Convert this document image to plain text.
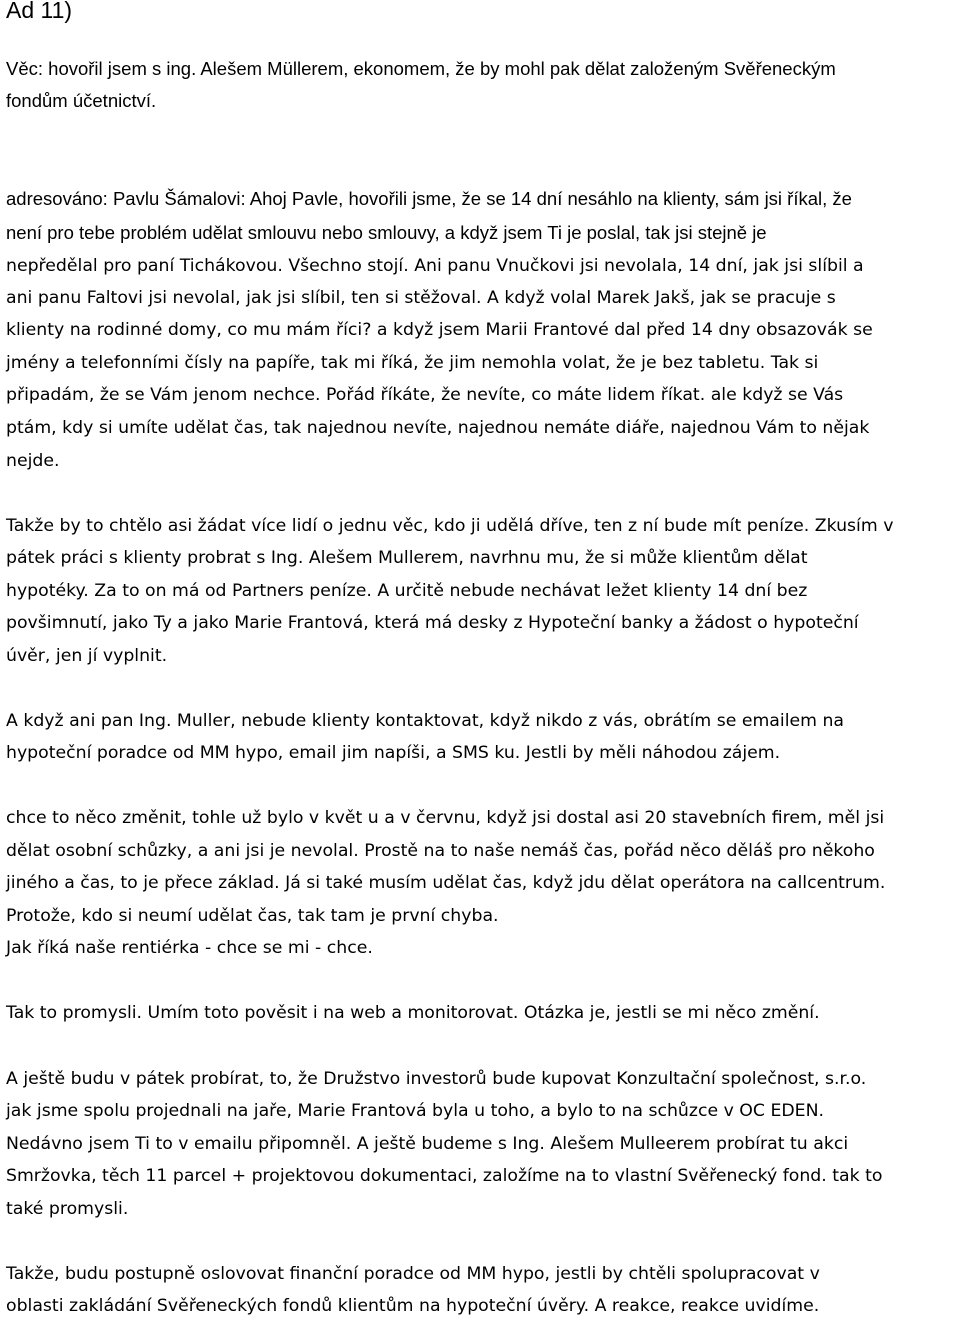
Ad 11)
Věc: hovořil jsem s ing. Alešem Müllerem, ekonomem, že by mohl pak dělat založeným Svěřeneckým
fondům účetnictví.
adresováno: Pavlu Šámalovi: Ahoj Pavle, hovořili jsme, že se 14 dní nesáhlo na klienty, sám jsi říkal, že
není pro tebe problém udělat smlouvu nebo smlouvy, a když jsem Ti je poslal, tak jsi stejně je
nepředělal pro paní Tichákovou. Všechno stojí. Ani panu Vnučkovi jsi nevolala, 14 dní, jak jsi slíbil a
ani panu Faltovi jsi nevolal, jak jsi slíbil, ten si stěžoval. A když volal Marek Jakš, jak se pracuje s
klienty na rodinné domy, co mu mám říci? a když jsem Marii Frantové dal před 14 dny obsazovák se
jmény a telefonními čísly na papíře, tak mi říká, že jim nemohla volat, že je bez tabletu. Tak si
připadám, že se Vám jenom nechce. Pořád říkáte, že nevíte, co máte lidem říkat. ale když se Vás
ptám, kdy si umíte udělat čas, tak najednou nevíte, najednou nemáte diáře, najednou Vám to nějak
nejde.
Takže by to chtělo asi žádat více lidí o jednu věc, kdo ji udělá dříve, ten z ní bude mít peníze. Zkusím v
pátek práci s klienty probrat s Ing. Alešem Mullerem, navrhnu mu, že si může klientům dělat
hypotéky. Za to on má od Partners peníze. A určitě nebude nechávat ležet klienty 14 dní bez
povšimnutí, jako Ty a jako Marie Frantová, která má desky z Hypoteční banky a žádost o hypoteční
úvěr, jen jí vyplnit.
A když ani pan Ing. Muller, nebude klienty kontaktovat, když nikdo z vás, obrátím se emailem na
hypoteční poradce od MM hypo, email jim napíši, a SMS ku. Jestli by měli náhodou zájem.
chce to něco změnit, tohle už bylo v květ u a v červnu, když jsi dostal asi 20 stavebních firem, měl jsi
dělat osobní schůzky, a ani jsi je nevolal. Prostě na to naše nemáš čas, pořád něco děláš pro někoho
jiného a čas, to je přece základ. Já si také musím udělat čas, když jdu dělat operátora na callcentrum.
Protože, kdo si neumí udělat čas, tak tam je první chyba.
Jak říká naše rentiérka - chce se mi - chce.
Tak to promysli. Umím toto pověsit i na web a monitorovat. Otázka je, jestli se mi něco změní.
A ještě budu v pátek probírat, to, že Družstvo investorů bude kupovat Konzultační společnost, s.r.o.
jak jsme spolu projednali na jaře, Marie Frantová byla u toho, a bylo to na schůzce v OC EDEN.
Nedávno jsem Ti to v emailu připomněl. A ještě budeme s Ing. Alešem Mulleerem probírat tu akci
Smržovka, těch 11 parcel + projektovou dokumentaci, založíme na to vlastní Svěřenecký fond. tak to
také promysli.
Takže, budu postupně oslovovat finanční poradce od MM hypo, jestli by chtěli spolupracovat v
oblasti zakládání Svěřeneckých fondů klientům na hypoteční úvěry. A reakce, reakce uvidíme.
